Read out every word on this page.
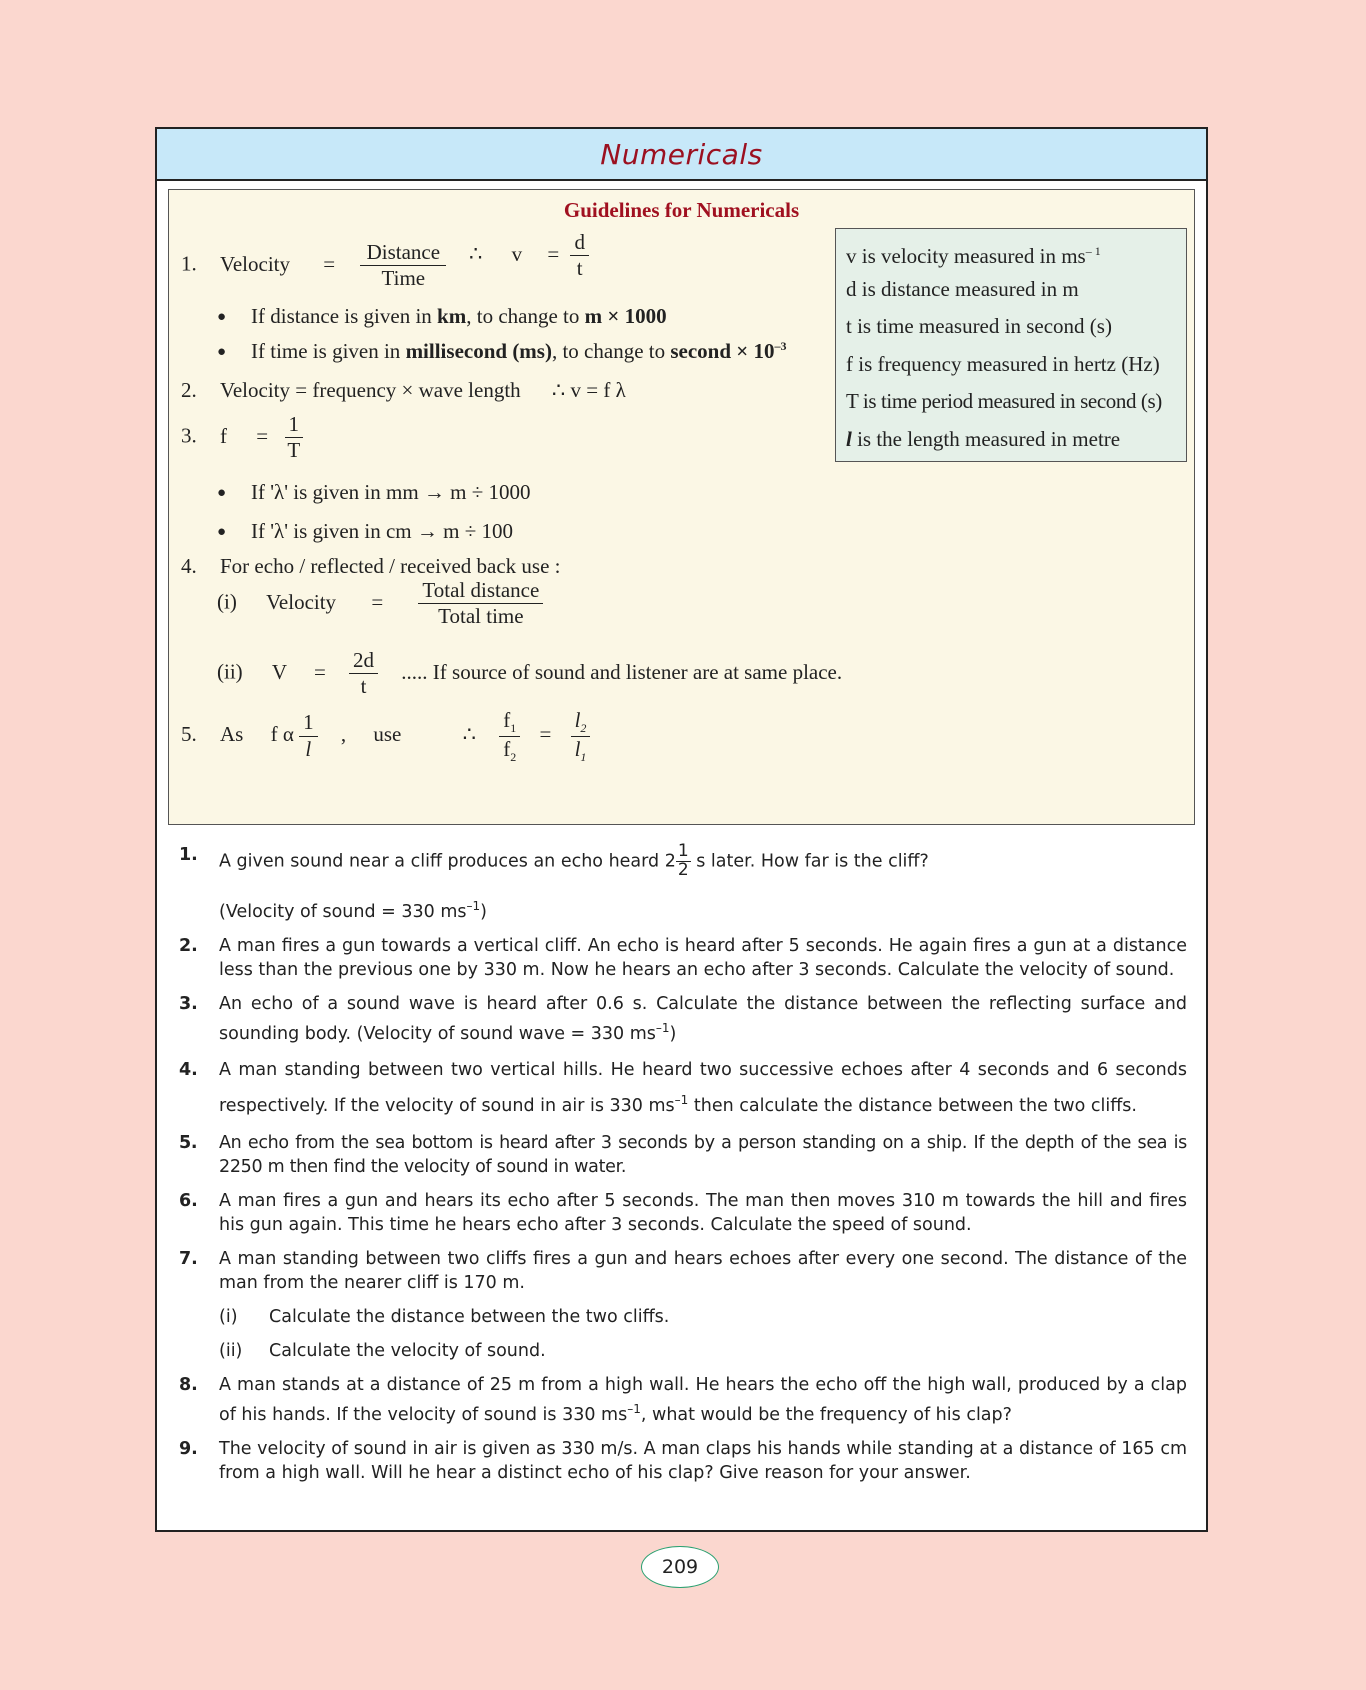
Numericals
Guidelines for Numericals
1. Velocity = $\frac{\text{Distance}}{\text{Time}}$ ∴ $v = \frac{d}{t}$
● If distance is given in km, to change to m × 1000
● If time is given in millisecond (ms), to change to second × $10^{-3}$
2. Velocity = frequency × wave length ∴ v = f λ
3. $f = \frac{1}{T}$
● If 'λ' is given in mm → m ÷ 1000
● If 'λ' is given in cm → m ÷ 100
4. For echo / reflected / received back use :
(i) Velocity = $\frac{\text{Total distance}}{\text{Total time}}$
(ii) $V = \frac{2d}{t}$ ..... If source of sound and listener are at same place.
5. As f α $\frac{1}{l}$ , use	∴ $\frac{f_1}{f_2} = \frac{l_2}{l_1}$
v is velocity measured in $ms^{- 1}$
d is distance measured in m
t is time measured in second (s)
f is frequency measured in hertz (Hz)
T is time period measured in second (s)
l is the length measured in metre
1. A given sound near a cliff produces an echo heard $2 \frac{1}{2}$ s later. How far is the cliff?
(Velocity of sound = 330 $ms^{-1}$)
2. A man fires a gun towards a vertical cliff. An echo is heard after 5 seconds. He again fires a gun at a distance less than the previous one by 330 m. Now he hears an echo after 3 seconds. Calculate the velocity of sound.
3. An echo of a sound wave is heard after 0.6 s. Calculate the distance between the reflecting surface and sounding body. (Velocity of sound wave = 330 $ms^{-1}$)
4. A man standing between two vertical hills. He heard two successive echoes after 4 seconds and 6 seconds respectively. If the velocity of sound in air is 330 $ms^{-1}$ then calculate the distance between the two cliffs.
5. An echo from the sea bottom is heard after 3 seconds by a person standing on a ship. If the depth of the sea is 2250 m then find the velocity of sound in water.
6. A man fires a gun and hears its echo after 5 seconds. The man then moves 310 m towards the hill and fires his gun again. This time he hears echo after 3 seconds. Calculate the speed of sound.
7. A man standing between two cliffs fires a gun and hears echoes after every one second. The distance of the man from the nearer cliff is 170 m.
(i) Calculate the distance between the two cliffs.
(ii) Calculate the velocity of sound.
8. A man stands at a distance of 25 m from a high wall. He hears the echo off the high wall, produced by a clap of his hands. If the velocity of sound is 330 $ms^{-1}$, what would be the frequency of his clap?
9. The velocity of sound in air is given as 330 m/s. A man claps his hands while standing at a distance of 165 cm from a high wall. Will he hear a distinct echo of his clap? Give reason for your answer.
209
